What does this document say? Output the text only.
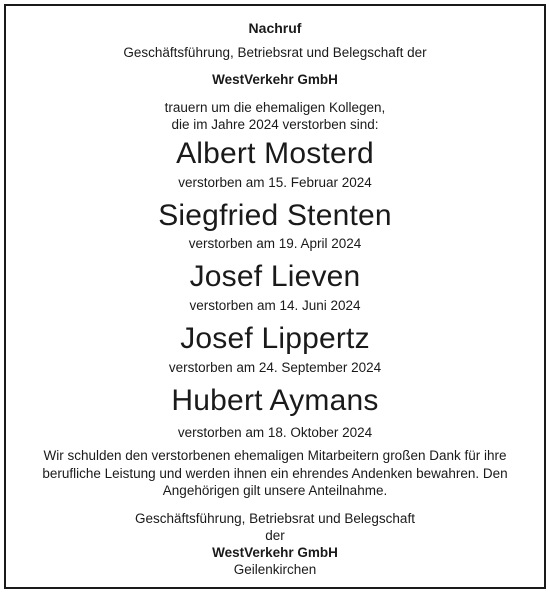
Nachruf
Geschäftsführung, Betriebsrat und Belegschaft der
WestVerkehr GmbH
trauern um die ehemaligen Kollegen,
die im Jahre 2024 verstorben sind:
Albert Mosterd
verstorben am 15. Februar 2024
Siegfried Stenten
verstorben am 19. April 2024
Josef Lieven
verstorben am 14. Juni 2024
Josef Lippertz
verstorben am 24. September 2024
Hubert Aymans
verstorben am 18. Oktober 2024
Wir schulden den verstorbenen ehemaligen Mitarbeitern großen Dank für ihre berufliche Leistung und werden ihnen ein ehrendes Andenken bewahren. Den Angehörigen gilt unsere Anteilnahme.
Geschäftsführung, Betriebsrat und Belegschaft
der
WestVerkehr GmbH
Geilenkirchen
